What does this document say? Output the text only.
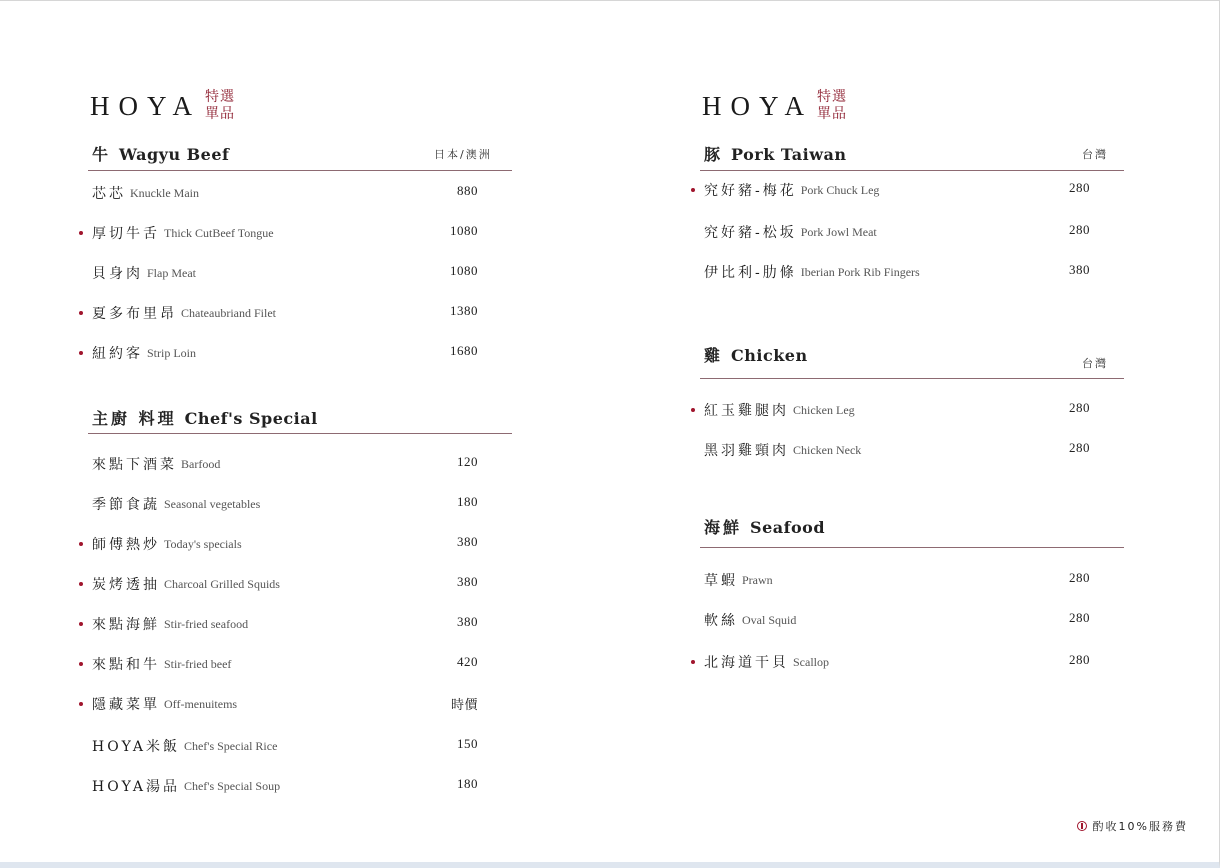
HOYA 特選
單品
牛 Wagyu Beef	日本/澳洲
芯芯 Knuckle Main	880
厚切牛舌 Thick CutBeef Tongue	1080
貝身肉 Flap Meat	1080
夏多布里昂 Chateaubriand Filet	1380
紐約客 Strip Loin	1680
主廚 料理 Chef's Special
來點下酒菜 Barfood	120
季節食蔬 Seasonal vegetables	180
師傅熱炒 Today's specials	380
炭烤透抽 Charcoal Grilled Squids	380
來點海鮮 Stir-fried seafood	380
來點和牛 Stir-fried beef	420
隱藏菜單 Off-menuitems	時價
HOYA米飯 Chef's Special Rice	150
HOYA湯品 Chef's Special Soup	180
HOYA 特選
單品
豚 Pork Taiwan	台灣
究好豬-梅花 Pork Chuck Leg	280
究好豬-松坂 Pork Jowl Meat	280
伊比利-肋條 Iberian Pork Rib Fingers	380
雞 Chicken	台灣
紅玉雞腿肉 Chicken Leg	280
黑羽雞頸肉 Chicken Neck	280
海鮮 Seafood
草蝦 Prawn	280
軟絲 Oval Squid	280
北海道干貝 Scallop	280
酌收10%服務費
